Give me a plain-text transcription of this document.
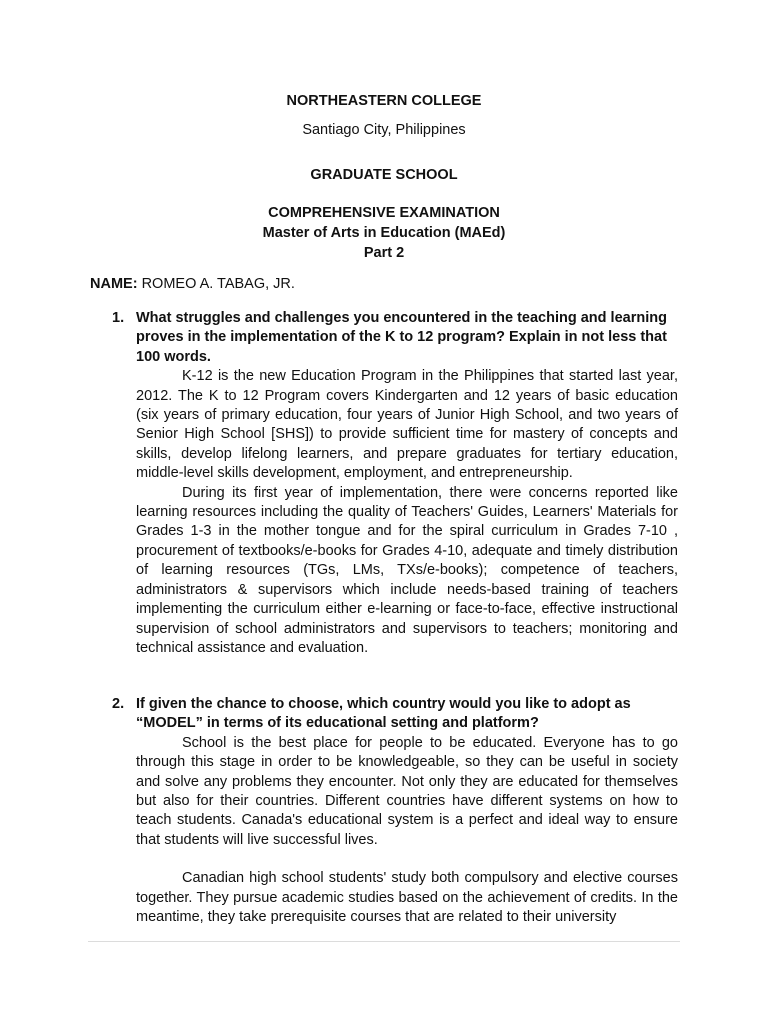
NORTHEASTERN COLLEGE
Santiago City, Philippines
GRADUATE SCHOOL
COMPREHENSIVE EXAMINATION
Master of Arts in Education (MAEd)
Part 2
NAME: ROMEO A. TABAG, JR.
1. What struggles and challenges you encountered in the teaching and learning proves in the implementation of the K to 12 program? Explain in not less that 100 words.
K-12 is the new Education Program in the Philippines that started last year, 2012. The K to 12 Program covers Kindergarten and 12 years of basic education (six years of primary education, four years of Junior High School, and two years of Senior High School [SHS]) to provide sufficient time for mastery of concepts and skills, develop lifelong learners, and prepare graduates for tertiary education, middle-level skills development, employment, and entrepreneurship.
During its first year of implementation, there were concerns reported like learning resources including the quality of Teachers' Guides, Learners' Materials for Grades 1-3 in the mother tongue and for the spiral curriculum in Grades 7-10 , procurement of textbooks/e-books for Grades 4-10, adequate and timely distribution of learning resources (TGs, LMs, TXs/e-books); competence of teachers, administrators & supervisors which include needs-based training of teachers implementing the curriculum either e-learning or face-to-face, effective instructional supervision of school administrators and supervisors to teachers; monitoring and technical assistance and evaluation.
2. If given the chance to choose, which country would you like to adopt as “MODEL” in terms of its educational setting and platform?
School is the best place for people to be educated. Everyone has to go through this stage in order to be knowledgeable, so they can be useful in society and solve any problems they encounter. Not only they are educated for themselves but also for their countries. Different countries have different systems on how to teach students. Canada's educational system is a perfect and ideal way to ensure that students will live successful lives.
Canadian high school students' study both compulsory and elective courses together. They pursue academic studies based on the achievement of credits. In the meantime, they take prerequisite courses that are related to their university
